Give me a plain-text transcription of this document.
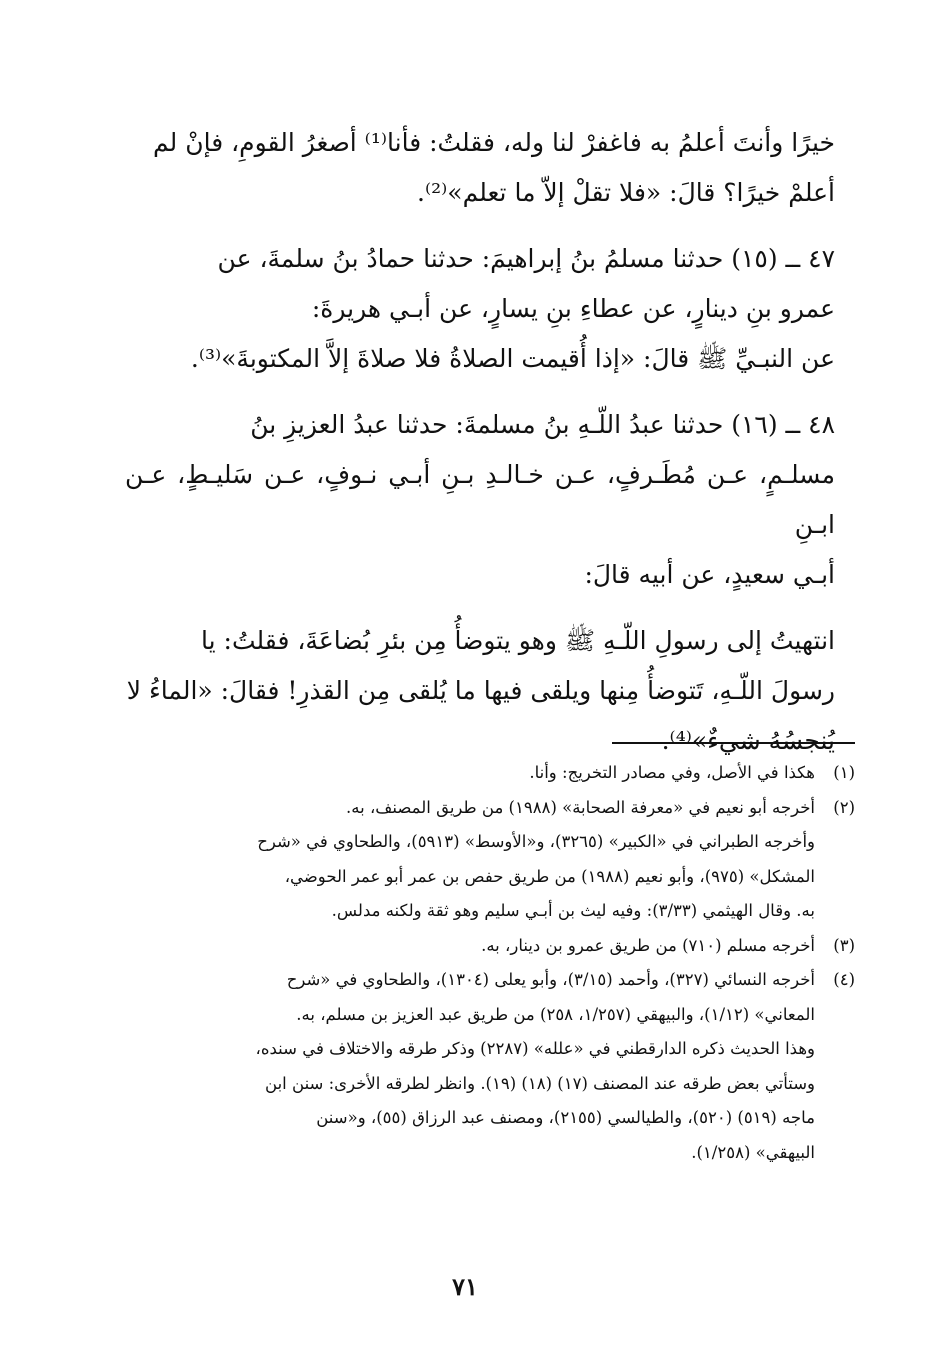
خيرًا وأنتَ أعلمُ به فاغفرْ لنا وله، فقلتُ: فأنا⁽¹⁾ أصغرُ القومِ، فإنْ لم

أعلمْ خيرًا؟ قالَ: «فلا تقلْ إلاّ ما تعلم»⁽²⁾.

٤٧ ــ (١٥) حدثنا مسلمُ بنُ إبراهيمَ: حدثنا حمادُ بنُ سلمةَ، عن

عمرو بنِ دينارٍ، عن عطاءِ بنِ يسارٍ، عن أبـي هريرةَ:

عن النبـيِّ ﷺ قالَ: «إذا أُقيمت الصلاةُ فلا صلاةَ إلاَّ المكتوبةَ»⁽³⁾.

٤٨ ــ (١٦) حدثنا عبدُ اللّـهِ بنُ مسلمةَ: حدثنا عبدُ العزيزِ بنُ

مسلـمٍ، عـن مُطَـرفٍ، عـن خـالـدِ بـنِ أبـي نـوفٍ، عـن سَليـطٍ، عـن ابـنِ

أبـي سعيدٍ، عن أبيه قالَ:

انتهيتُ إلى رسولِ اللّـهِ ﷺ وهو يتوضأُ مِن بئرِ بُضاعَةَ، فقلتُ: يا

رسولَ اللّـهِ، تَتوضأُ مِنها ويلقى فيها ما يُلقى مِن القذرِ! فقالَ: «الماءُ لا

يُنجسُهُ شيءٌ»⁽⁴⁾.

(١)
هكذا في الأصل، وفي مصادر التخريج: وأنا.
(٢)
أخرجه أبو نعيم في «معرفة الصحابة» (١٩٨٨) من طريق المصنف، به.
وأخرجه الطبراني في «الكبير» (٣٢٦٥)، و«الأوسط» (٥٩١٣)، والطحاوي في «شرح
المشكل» (٩٧٥)، وأبو نعيم (١٩٨٨) من طريق حفص بن عمر أبو عمر الحوضي،
به. وقال الهيثمي (٣/٣٣): وفيه ليث بن أبـي سليم وهو ثقة ولكنه مدلس.
(٣)
أخرجه مسلم (٧١٠) من طريق عمرو بن دينار، به.
(٤)
أخرجه النسائي (٣٢٧)، وأحمد (٣/١٥)، وأبو يعلى (١٣٠٤)، والطحاوي في «شرح
المعاني» (١/١٢)، والبيهقي (١/٢٥٧، ٢٥٨) من طريق عبد العزيز بن مسلم، به.
وهذا الحديث ذكره الدارقطني في «علله» (٢٢٨٧) وذكر طرقه والاختلاف في سنده،
وستأتي بعض طرقه عند المصنف (١٧) (١٨) (١٩). وانظر لطرقه الأخرى: سنن ابن
ماجه (٥١٩) (٥٢٠)، والطيالسي (٢١٥٥)، ومصنف عبد الرزاق (٥٥)، و«سنن
البيهقي» (١/٢٥٨).
٧١
